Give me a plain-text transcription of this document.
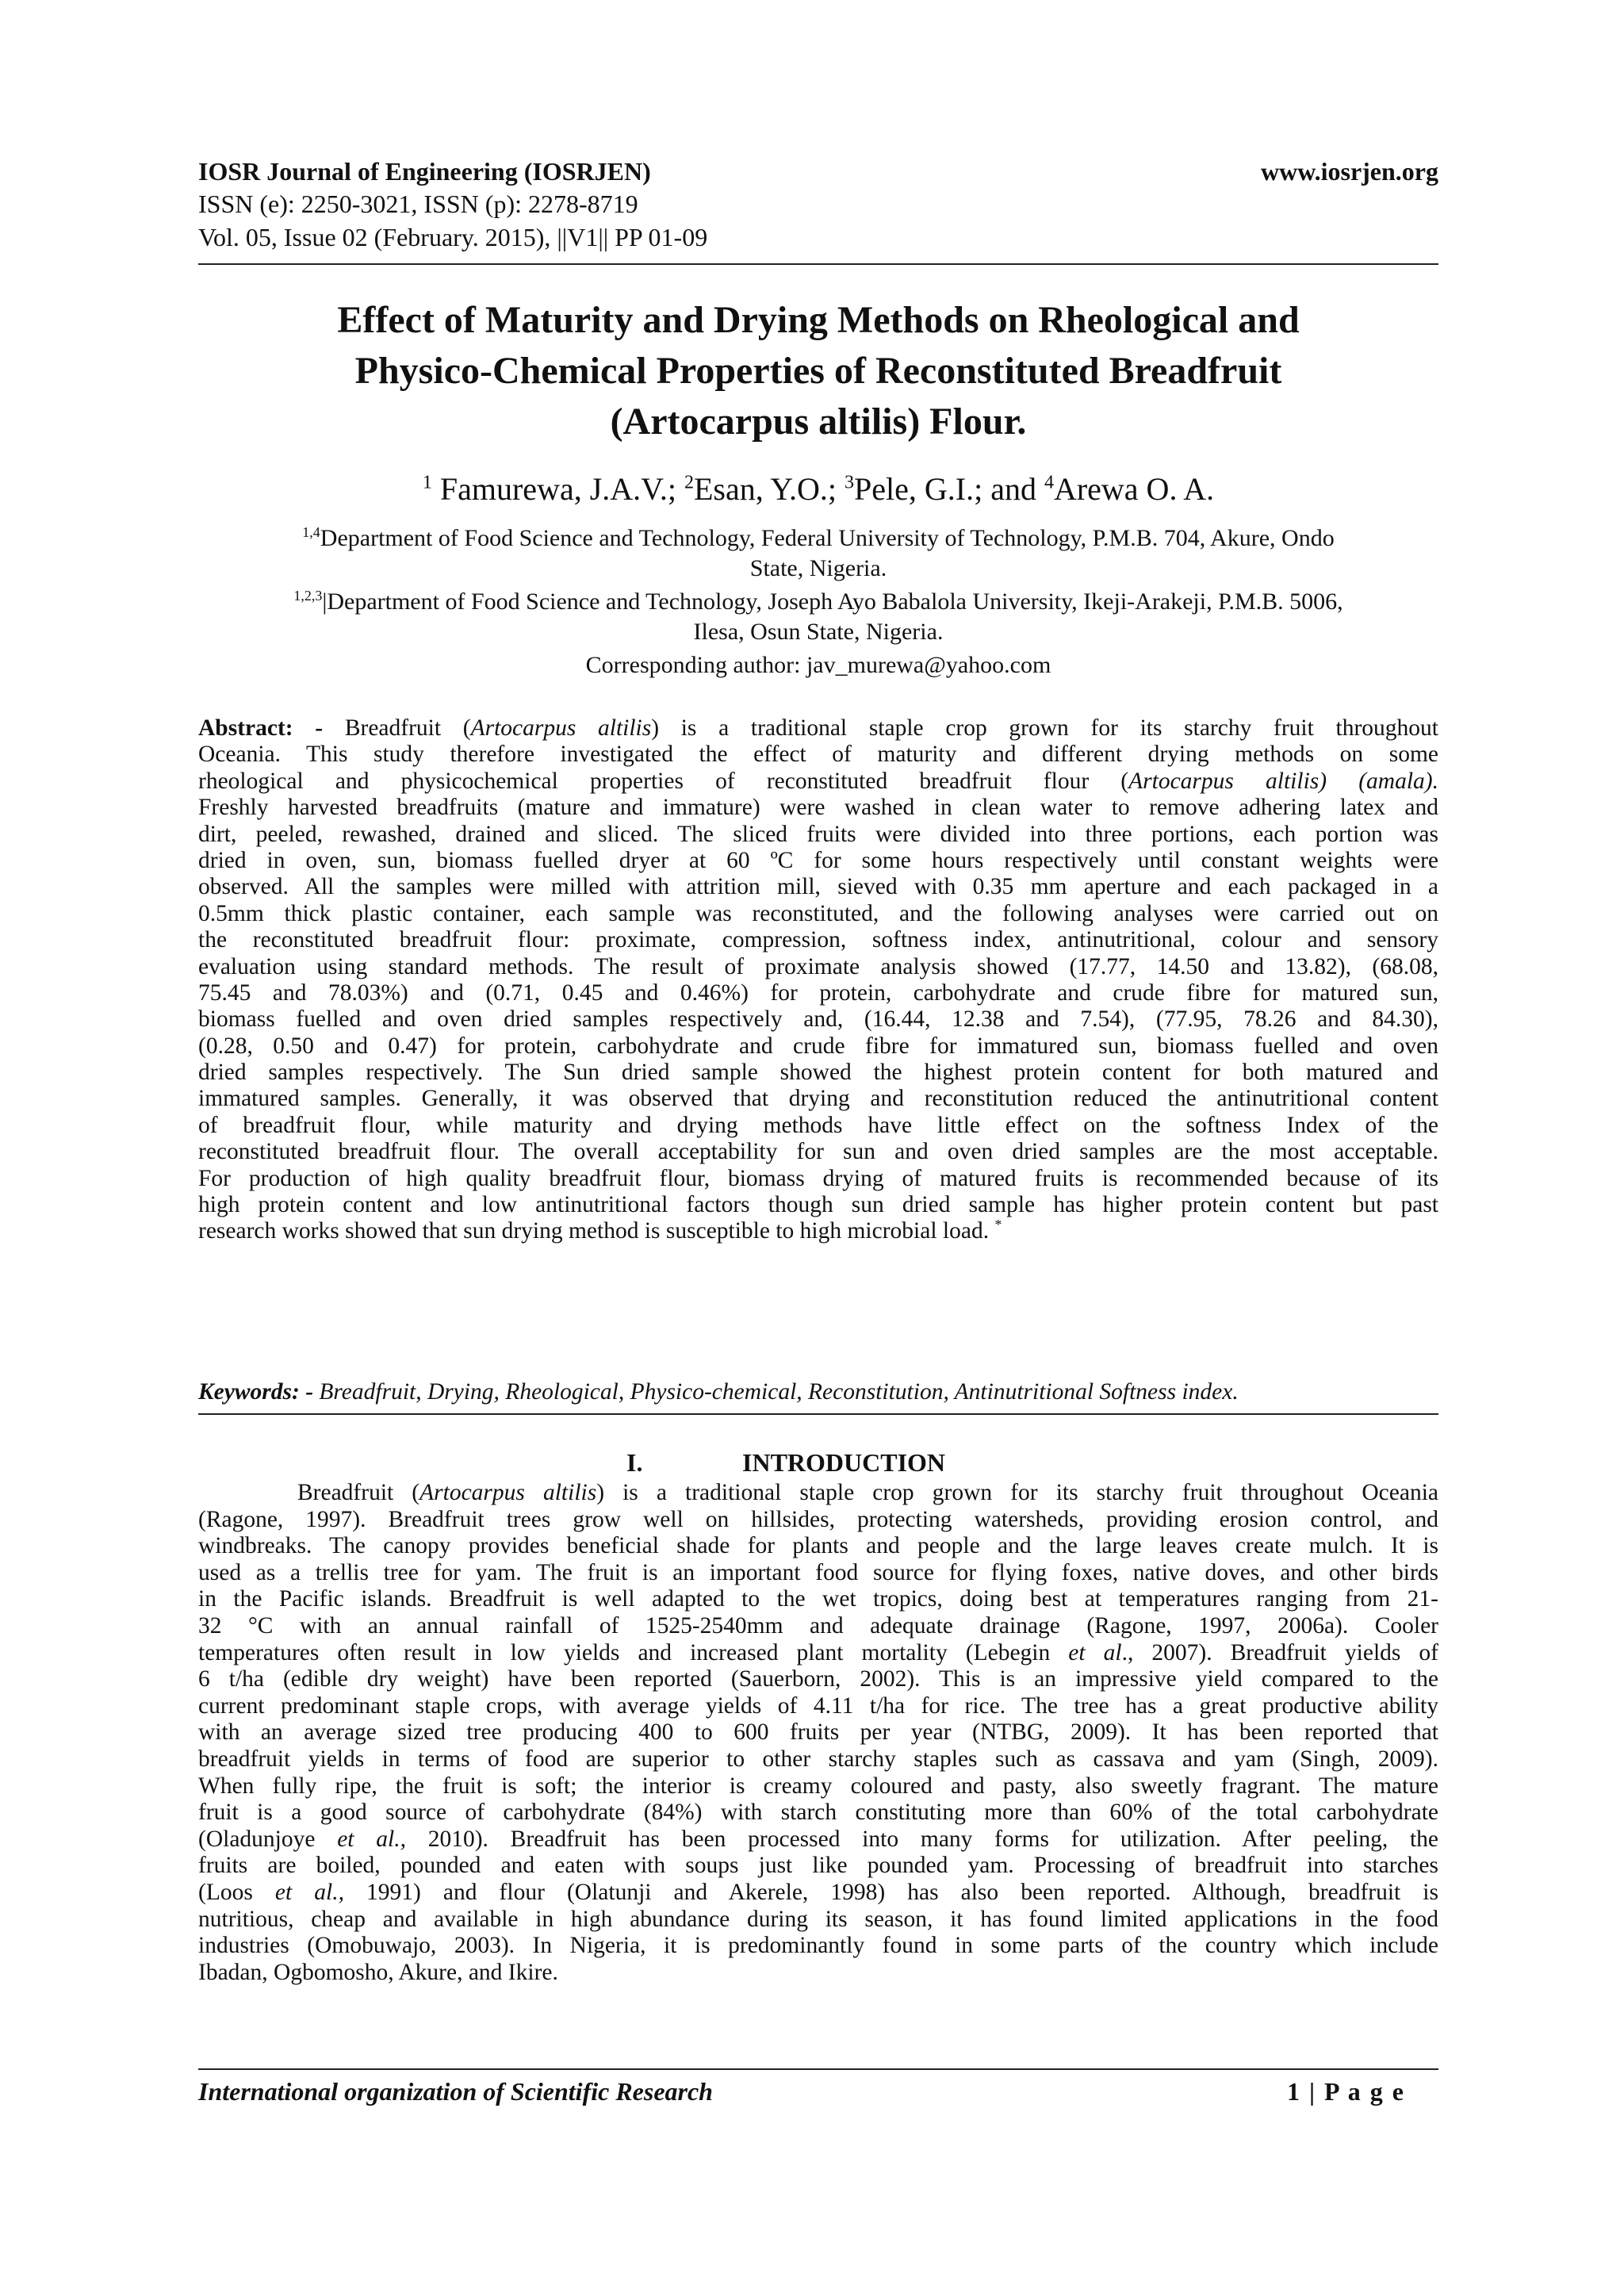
IOSR Journal of Engineering (IOSRJEN)	www.iosrjen.org
ISSN (e): 2250-3021, ISSN (p): 2278-8719
Vol. 05, Issue 02 (February. 2015), ||V1|| PP 01-09
Effect of Maturity and Drying Methods on Rheological and
Physico-Chemical Properties of Reconstituted Breadfruit
(Artocarpus altilis) Flour.
$^1$ Famurewa, J.A.V.; $^2$Esan, Y.O.; $^3$Pele, G.I.; and $^4$Arewa O. A.
$^{1,4}$Department of Food Science and Technology, Federal University of Technology, P.M.B. 704, Akure, Ondo
State, Nigeria.
$^{1,2,3}$|Department of Food Science and Technology, Joseph Ayo Babalola University, Ikeji-Arakeji, P.M.B. 5006,
Ilesa, Osun State, Nigeria.
Corresponding author: jav_murewa@yahoo.com
Abstract: - Breadfruit (Artocarpus altilis) is a traditional staple crop grown for its starchy fruit throughout
Oceania. This study therefore investigated the effect of maturity and different drying methods on some
rheological and physicochemical properties of reconstituted breadfruit flour (Artocarpus altilis) (amala).
Freshly harvested breadfruits (mature and immature) were washed in clean water to remove adhering latex and
dirt, peeled, rewashed, drained and sliced. The sliced fruits were divided into three portions, each portion was
dried in oven, sun, biomass fuelled dryer at 60 ºC for some hours respectively until constant weights were
observed. All the samples were milled with attrition mill, sieved with 0.35 mm aperture and each packaged in a
0.5mm thick plastic container, each sample was reconstituted, and the following analyses were carried out on
the reconstituted breadfruit flour: proximate, compression, softness index, antinutritional, colour and sensory
evaluation using standard methods. The result of proximate analysis showed (17.77, 14.50 and 13.82), (68.08,
75.45 and 78.03%) and (0.71, 0.45 and 0.46%) for protein, carbohydrate and crude fibre for matured sun,
biomass fuelled and oven dried samples respectively and, (16.44, 12.38 and 7.54), (77.95, 78.26 and 84.30),
(0.28, 0.50 and 0.47) for protein, carbohydrate and crude fibre for immatured sun, biomass fuelled and oven
dried samples respectively. The Sun dried sample showed the highest protein content for both matured and
immatured samples. Generally, it was observed that drying and reconstitution reduced the antinutritional content
of breadfruit flour, while maturity and drying methods have little effect on the softness Index of the
reconstituted breadfruit flour. The overall acceptability for sun and oven dried samples are the most acceptable.
For production of high quality breadfruit flour, biomass drying of matured fruits is recommended because of its
high protein content and low antinutritional factors though sun dried sample has higher protein content but past
research works showed that sun drying method is susceptible to high microbial load. *
Keywords: - Breadfruit, Drying, Rheological, Physico-chemical, Reconstitution, Antinutritional Softness index.
I.	INTRODUCTION
Breadfruit (Artocarpus altilis) is a traditional staple crop grown for its starchy fruit throughout Oceania
(Ragone, 1997). Breadfruit trees grow well on hillsides, protecting watersheds, providing erosion control, and
windbreaks. The canopy provides beneficial shade for plants and people and the large leaves create mulch. It is
used as a trellis tree for yam. The fruit is an important food source for flying foxes, native doves, and other birds
in the Pacific islands. Breadfruit is well adapted to the wet tropics, doing best at temperatures ranging from 21-
32 °C with an annual rainfall of 1525-2540mm and adequate drainage (Ragone, 1997, 2006a). Cooler
temperatures often result in low yields and increased plant mortality (Lebegin et al., 2007). Breadfruit yields of
6 t/ha (edible dry weight) have been reported (Sauerborn, 2002). This is an impressive yield compared to the
current predominant staple crops, with average yields of 4.11 t/ha for rice. The tree has a great productive ability
with an average sized tree producing 400 to 600 fruits per year (NTBG, 2009). It has been reported that
breadfruit yields in terms of food are superior to other starchy staples such as cassava and yam (Singh, 2009).
When fully ripe, the fruit is soft; the interior is creamy coloured and pasty, also sweetly fragrant. The mature
fruit is a good source of carbohydrate (84%) with starch constituting more than 60% of the total carbohydrate
(Oladunjoye et al., 2010). Breadfruit has been processed into many forms for utilization. After peeling, the
fruits are boiled, pounded and eaten with soups just like pounded yam. Processing of breadfruit into starches
(Loos et al., 1991) and flour (Olatunji and Akerele, 1998) has also been reported. Although, breadfruit is
nutritious, cheap and available in high abundance during its season, it has found limited applications in the food
industries (Omobuwajo, 2003). In Nigeria, it is predominantly found in some parts of the country which include
Ibadan, Ogbomosho, Akure, and Ikire.
International organization of Scientific Research	1 | P a g e
